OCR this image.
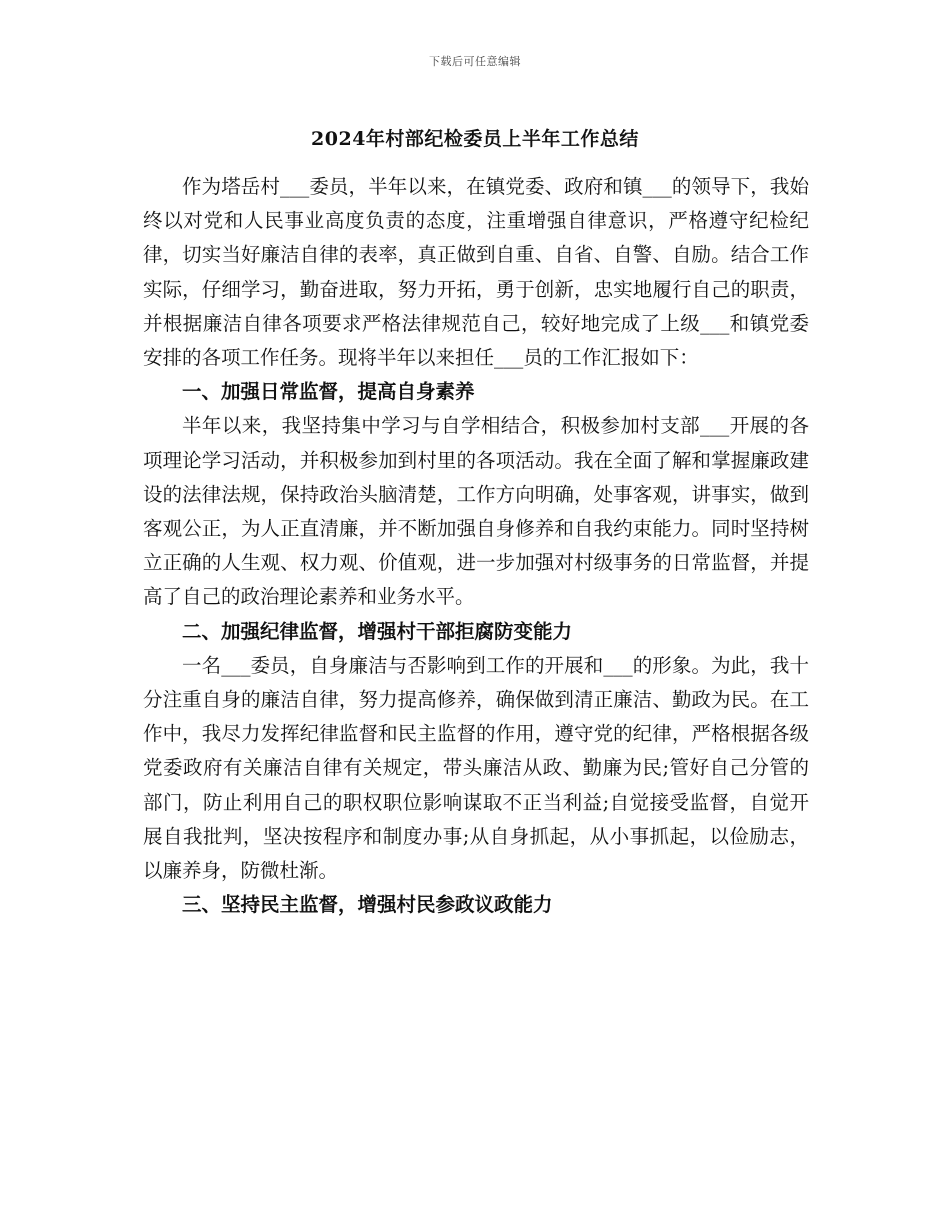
下载后可任意编辑
2024年村部纪检委员上半年工作总结

作为塔岳村___委员，半年以来，在镇党委、政府和镇___的领导下，我始终以对党和人民事业高度负责的态度，注重增强自律意识，严格遵守纪检纪律，切实当好廉洁自律的表率，真正做到自重、自省、自警、自励。结合工作实际，仔细学习，勤奋进取，努力开拓，勇于创新，忠实地履行自己的职责，并根据廉洁自律各项要求严格法律规范自己，较好地完成了上级___和镇党委安排的各项工作任务。现将半年以来担任___员的工作汇报如下：

一、加强日常监督，提高自身素养

半年以来，我坚持集中学习与自学相结合，积极参加村支部___开展的各项理论学习活动，并积极参加到村里的各项活动。我在全面了解和掌握廉政建设的法律法规，保持政治头脑清楚，工作方向明确，处事客观，讲事实，做到客观公正，为人正直清廉，并不断加强自身修养和自我约束能力。同时坚持树立正确的人生观、权力观、价值观，进一步加强对村级事务的日常监督，并提高了自己的政治理论素养和业务水平。

二、加强纪律监督，增强村干部拒腐防变能力

一名___委员，自身廉洁与否影响到工作的开展和___的形象。为此，我十分注重自身的廉洁自律，努力提高修养，确保做到清正廉洁、勤政为民。在工作中，我尽力发挥纪律监督和民主监督的作用，遵守党的纪律，严格根据各级党委政府有关廉洁自律有关规定，带头廉洁从政、勤廉为民;管好自己分管的部门，防止利用自己的职权职位影响谋取不正当利益;自觉接受监督，自觉开展自我批判，坚决按程序和制度办事;从自身抓起，从小事抓起，以俭励志，以廉养身，防微杜渐。

三、坚持民主监督，增强村民参政议政能力
